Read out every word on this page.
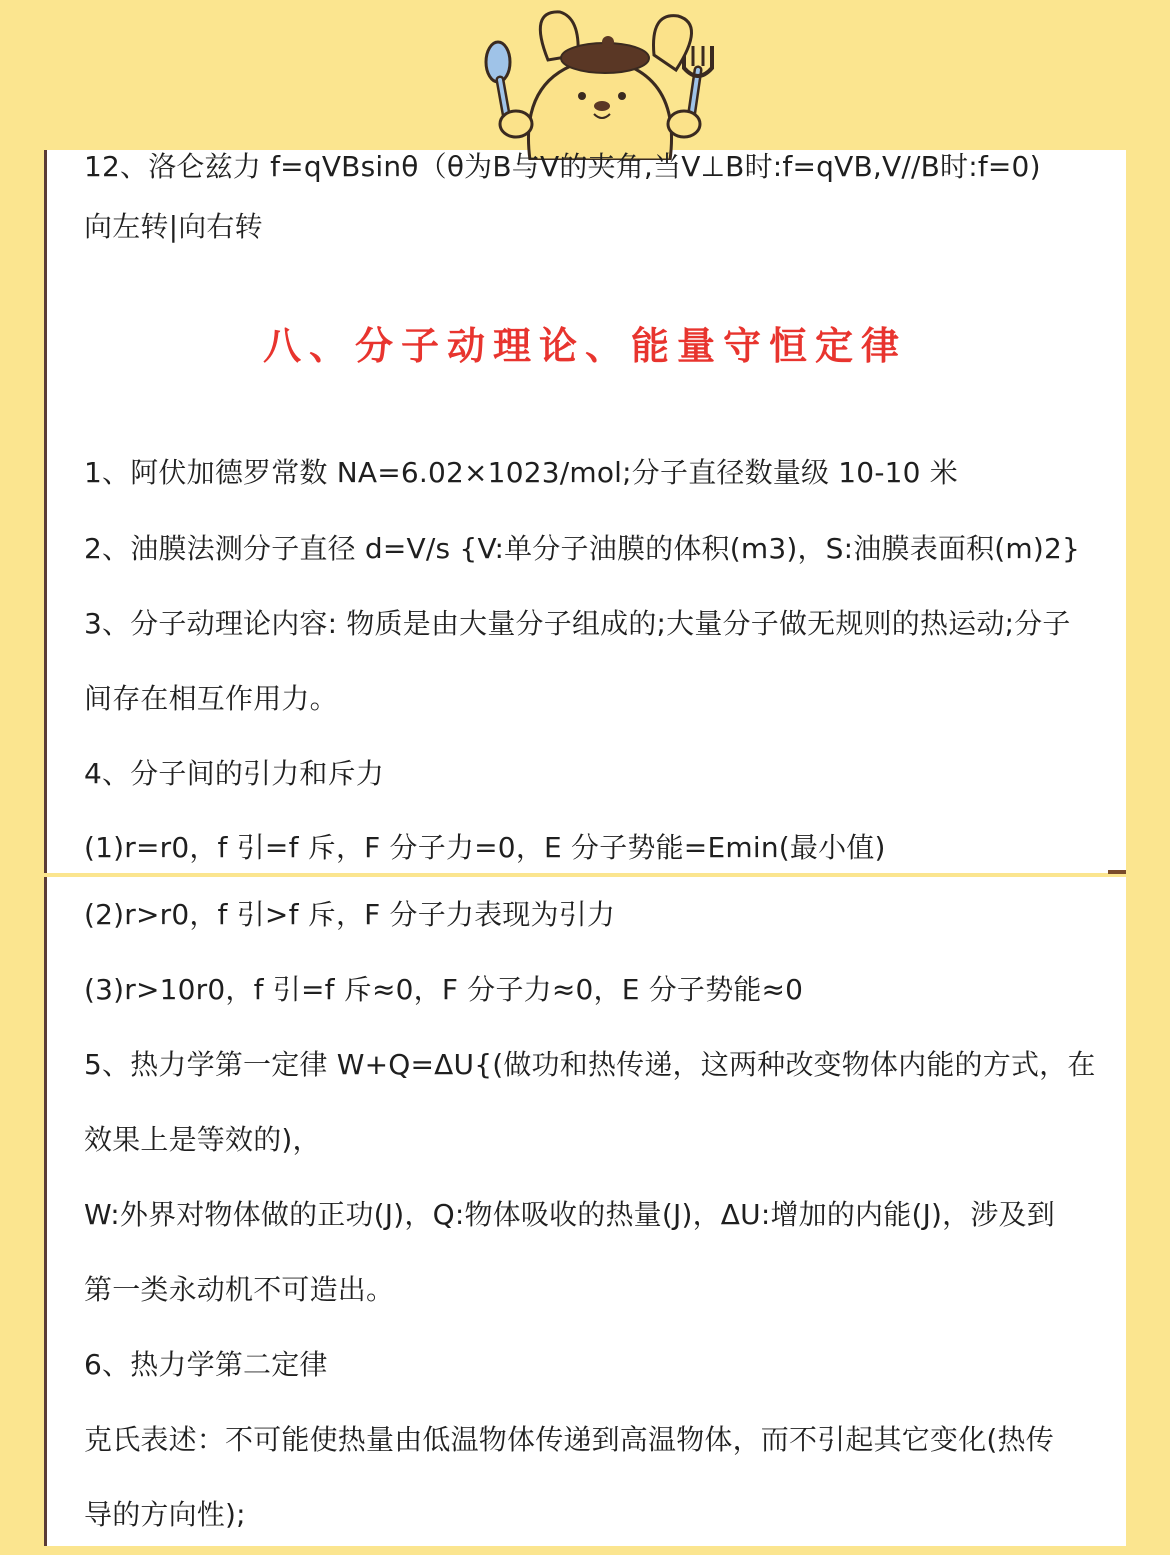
12、洛仑兹力 f=qVBsinθ（θ为B与V的夹角,当V⊥B时:f=qVB,V//B时:f=0)
向左转|向右转
八、分子动理论、能量守恒定律
1、阿伏加德罗常数 NA=6.02×1023/mol;分子直径数量级 10-10 米
2、油膜法测分子直径 d=V/s {V:单分子油膜的体积(m3)，S:油膜表面积(m)2}
3、分子动理论内容: 物质是由大量分子组成的;大量分子做无规则的热运动;分子
间存在相互作用力。
4、分子间的引力和斥力
(1)r=r0，f 引=f 斥，F 分子力=0，E 分子势能=Emin(最小值)
(2)r>r0，f 引>f 斥，F 分子力表现为引力
(3)r>10r0，f 引=f 斥≈0，F 分子力≈0，E 分子势能≈0
5、热力学第一定律 W+Q=ΔU{(做功和热传递，这两种改变物体内能的方式，在
效果上是等效的)，
W:外界对物体做的正功(J)，Q:物体吸收的热量(J)，ΔU:增加的内能(J)，涉及到
第一类永动机不可造出。
6、热力学第二定律
克氏表述：不可能使热量由低温物体传递到高温物体，而不引起其它变化(热传
导的方向性);
